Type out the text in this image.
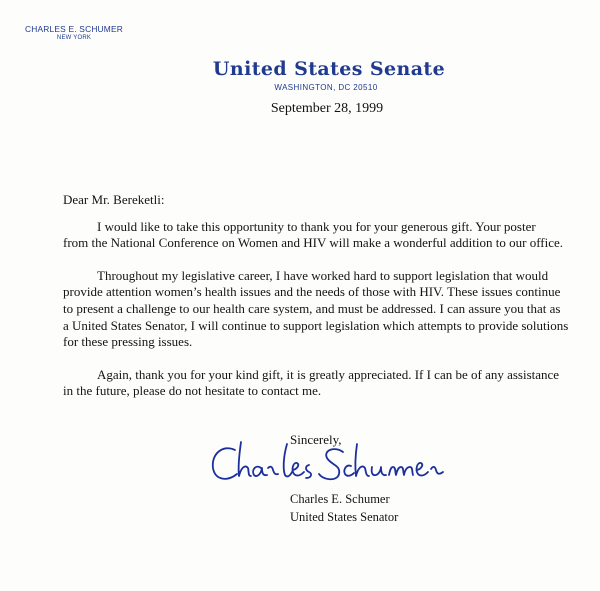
CHARLES E. SCHUMER
NEW YORK
United States Senate
WASHINGTON, DC 20510
September 28, 1999

Dear Mr. Bereketli:

I would like to take this opportunity to thank you for your generous gift. Your poster
from the National Conference on Women and HIV will make a wonderful addition to our office.

Throughout my legislative career, I have worked hard to support legislation that would
provide attention women’s health issues and the needs of those with HIV. These issues continue
to present a challenge to our health care system, and must be addressed. I can assure you that as
a United States Senator, I will continue to support legislation which attempts to provide solutions
for these pressing issues.

Again, thank you for your kind gift, it is greatly appreciated. If I can be of any assistance
in the future, please do not hesitate to contact me.

Sincerely,
Charles E. Schumer
United States Senator
